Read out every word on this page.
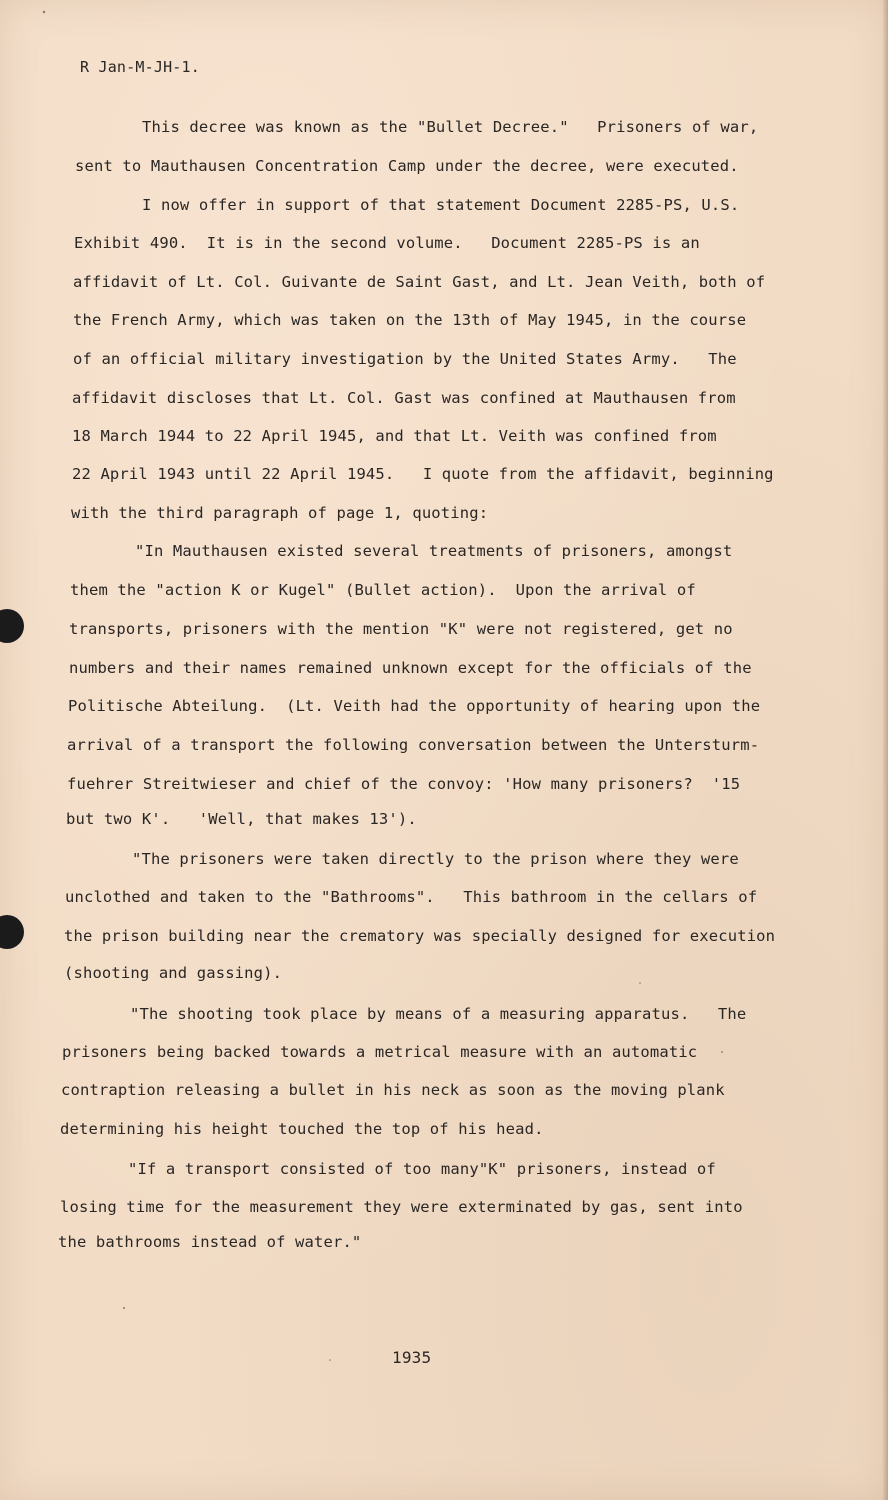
R Jan-M-JH-1.
This decree was known as the "Bullet Decree."   Prisoners of war,
sent to Mauthausen Concentration Camp under the decree, were executed.
I now offer in support of that statement Document 2285-PS, U.S.
Exhibit 490.  It is in the second volume.   Document 2285-PS is an
affidavit of Lt. Col. Guivante de Saint Gast, and Lt. Jean Veith, both of
the French Army, which was taken on the 13th of May 1945, in the course
of an official military investigation by the United States Army.   The
affidavit discloses that Lt. Col. Gast was confined at Mauthausen from
18 March 1944 to 22 April 1945, and that Lt. Veith was confined from
22 April 1943 until 22 April 1945.   I quote from the affidavit, beginning
with the third paragraph of page 1, quoting:
"In Mauthausen existed several treatments of prisoners, amongst
them the "action K or Kugel" (Bullet action).  Upon the arrival of
transports, prisoners with the mention "K" were not registered, get no
numbers and their names remained unknown except for the officials of the
Politische Abteilung.  (Lt. Veith had the opportunity of hearing upon the
arrival of a transport the following conversation between the Untersturm-
fuehrer Streitwieser and chief of the convoy: 'How many prisoners?  '15
but two K'.   'Well, that makes 13').
"The prisoners were taken directly to the prison where they were
unclothed and taken to the "Bathrooms".   This bathroom in the cellars of
the prison building near the crematory was specially designed for execution
(shooting and gassing).
"The shooting took place by means of a measuring apparatus.   The
prisoners being backed towards a metrical measure with an automatic
contraption releasing a bullet in his neck as soon as the moving plank
determining his height touched the top of his head.
"If a transport consisted of too many"K" prisoners, instead of
losing time for the measurement they were exterminated by gas, sent into
the bathrooms instead of water."
1935
